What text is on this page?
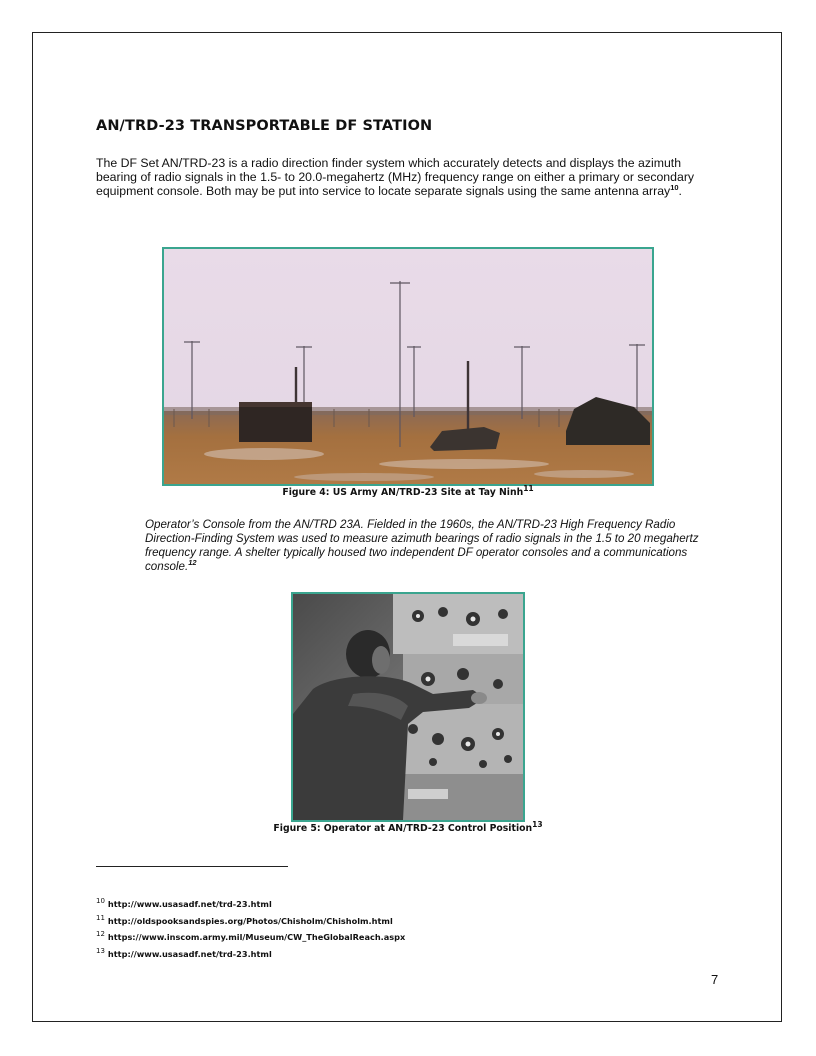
AN/TRD-23 TRANSPORTABLE DF STATION

The DF Set AN/TRD-23 is a radio direction finder system which accurately detects and displays the azimuth bearing of radio signals in the 1.5- to 20.0-megahertz (MHz) frequency range on either a primary or secondary equipment console. Both may be put into service to locate separate signals using the same antenna array$^{10}$.

Figure 4: US Army AN/TRD-23 Site at Tay Ninh$^{11}$

Operator’s Console from the AN/TRD 23A. Fielded in the 1960s, the AN/TRD-23 High Frequency Radio Direction-Finding System was used to measure azimuth bearings of radio signals in the 1.5 to 20 megahertz frequency range. A shelter typically housed two independent DF operator consoles and a communications console.$^{12}$

Figure 5: Operator at AN/TRD-23 Control Position$^{13}$

$^{10}$ http://www.usasadf.net/trd-23.html
$^{11}$ http://oldspooksandspies.org/Photos/Chisholm/Chisholm.html
$^{12}$ https://www.inscom.army.mil/Museum/CW_TheGlobalReach.aspx
$^{13}$ http://www.usasadf.net/trd-23.html
7
